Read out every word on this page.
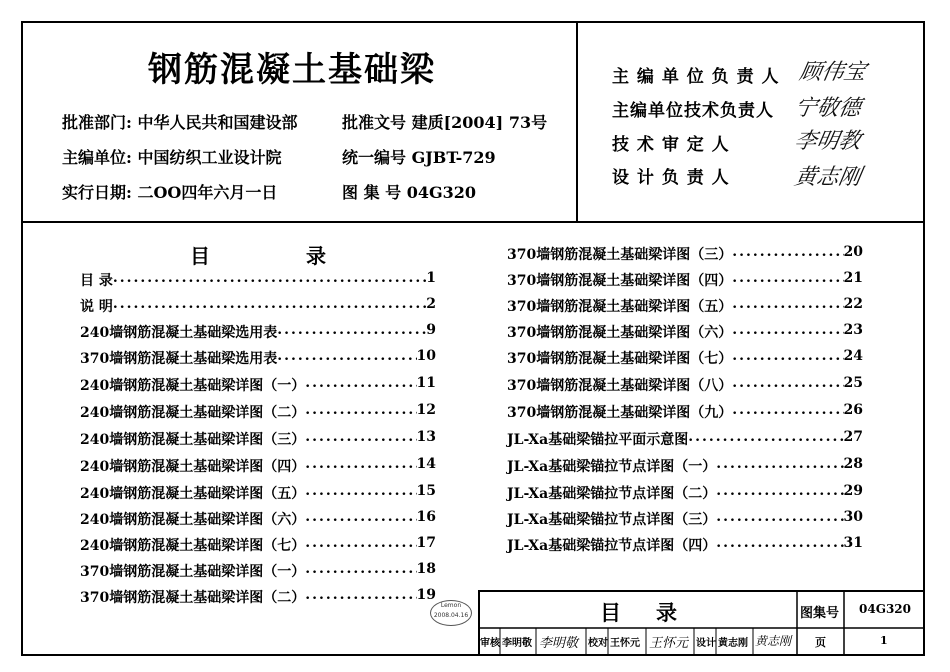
钢筋混凝土基础梁
批准部门: 中华人民共和国建设部	批准文号 建质[2004] 73号
主编单位: 中国纺织工业设计院	统一编号 GJBT-729
实行日期: 二OO四年六月一日	图 集 号 04G320
主 编 单 位 负 责 人 顾伟宝
主编单位技术负责人 宁敬德
技 术 审 定 人	李明教
设 计 负 责 人	黄志刚
目	录
目 录 .....	1
说 明 .....	2
240墙钢筋混凝土基础梁选用表 .....	9
370墙钢筋混凝土基础梁选用表 .....	10
240墙钢筋混凝土基础梁详图（一） .....	11
240墙钢筋混凝土基础梁详图（二） .....	12
240墙钢筋混凝土基础梁详图（三） .....	13
240墙钢筋混凝土基础梁详图（四） .....	14
240墙钢筋混凝土基础梁详图（五） .....	15
240墙钢筋混凝土基础梁详图（六） .....	16
240墙钢筋混凝土基础梁详图（七） .....	17
370墙钢筋混凝土基础梁详图（一） .....	18
370墙钢筋混凝土基础梁详图（二） .....	19
370墙钢筋混凝土基础梁详图（三） .....	20
370墙钢筋混凝土基础梁详图（四） .....	21
370墙钢筋混凝土基础梁详图（五） .....	22
370墙钢筋混凝土基础梁详图（六） .....	23
370墙钢筋混凝土基础梁详图（七） .....	24
370墙钢筋混凝土基础梁详图（八） .....	25
370墙钢筋混凝土基础梁详图（九） .....	26
JL-Xa基础梁锚拉平面示意图 .....	27
JL-Xa基础梁锚拉节点详图（一） .....	28
JL-Xa基础梁锚拉节点详图（二） .....	29
JL-Xa基础梁锚拉节点详图（三） .....	30
JL-Xa基础梁锚拉节点详图（四） .....	31
Lemon
2008.04.16	目 录	图集号 04G320
审核 李明敬 李明敬 校对 王怀元 王怀元 设计 黄志刚 黄志刚 页	1
